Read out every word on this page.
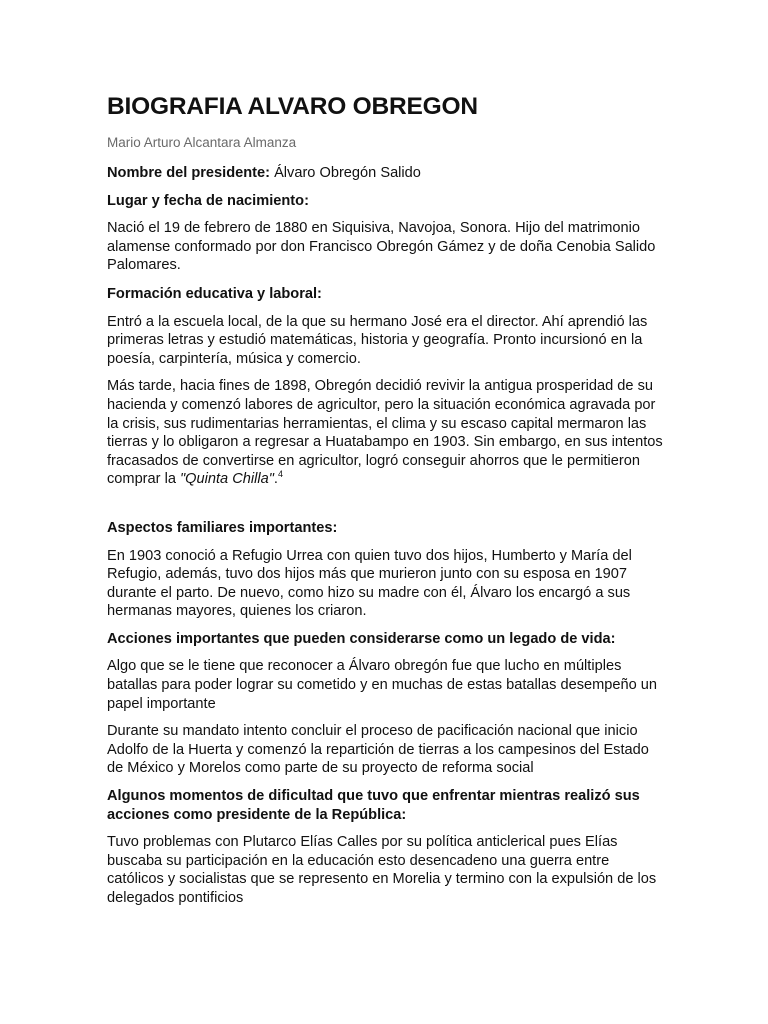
BIOGRAFIA ALVARO OBREGON
Mario Arturo Alcantara Almanza

Nombre del presidente: Álvaro Obregón Salido

Lugar y fecha de nacimiento:

Nació el 19 de febrero de 1880 en Siquisiva, Navojoa, Sonora. Hijo del matrimonio alamense conformado por don Francisco Obregón Gámez y de doña Cenobia Salido Palomares.

Formación educativa y laboral:

Entró a la escuela local, de la que su hermano José era el director. Ahí aprendió las primeras letras y estudió matemáticas, historia y geografía. Pronto incursionó en la poesía, carpintería, música y comercio.

Más tarde, hacia fines de 1898, Obregón decidió revivir la antigua prosperidad de su hacienda y comenzó labores de agricultor, pero la situación económica agravada por la crisis, sus rudimentarias herramientas, el clima y su escaso capital mermaron las tierras y lo obligaron a regresar a Huatabampo en 1903. Sin embargo, en sus intentos fracasados de convertirse en agricultor, logró conseguir ahorros que le permitieron comprar la "Quinta Chilla".$^4$

Aspectos familiares importantes:

En 1903 conoció a Refugio Urrea con quien tuvo dos hijos, Humberto y María del Refugio, además, tuvo dos hijos más que murieron junto con su esposa en 1907 durante el parto. De nuevo, como hizo su madre con él, Álvaro los encargó a sus hermanas mayores, quienes los criaron.

Acciones importantes que pueden considerarse como un legado de vida:

Algo que se le tiene que reconocer a Álvaro obregón fue que lucho en múltiples batallas para poder lograr su cometido y en muchas de estas batallas desempeño un papel importante

Durante su mandato intento concluir el proceso de pacificación nacional que inicio Adolfo de la Huerta y comenzó la repartición de tierras a los campesinos del Estado de México y Morelos como parte de su proyecto de reforma social

Algunos momentos de dificultad que tuvo que enfrentar mientras realizó sus acciones como presidente de la República:

Tuvo problemas con Plutarco Elías Calles por su política anticlerical pues Elías buscaba su participación en la educación esto desencadeno una guerra entre católicos y socialistas que se represento en Morelia y termino con la expulsión de los delegados pontificios
